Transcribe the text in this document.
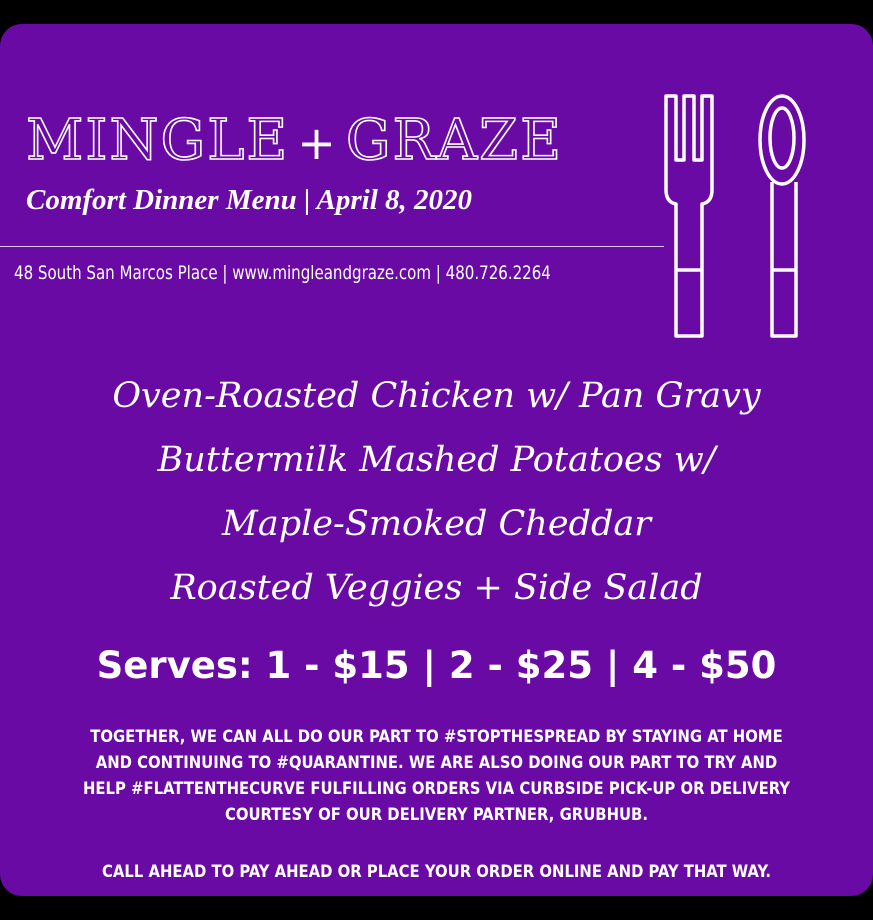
MINGLE + GRAZE
Comfort Dinner Menu | April 8, 2020
48 South San Marcos Place | www.mingleandgraze.com | 480.726.2264
Oven-Roasted Chicken w/ Pan Gravy
Buttermilk Mashed Potatoes w/
Maple-Smoked Cheddar
Roasted Veggies + Side Salad
Serves: 1 - $15 | 2 - $25 | 4 - $50
TOGETHER, WE CAN ALL DO OUR PART TO #STOPTHESPREAD BY STAYING AT HOME
AND CONTINUING TO #QUARANTINE. WE ARE ALSO DOING OUR PART TO TRY AND
HELP #FLATTENTHECURVE FULFILLING ORDERS VIA CURBSIDE PICK-UP OR DELIVERY
COURTESY OF OUR DELIVERY PARTNER, GRUBHUB.
CALL AHEAD TO PAY AHEAD OR PLACE YOUR ORDER ONLINE AND PAY THAT WAY.
